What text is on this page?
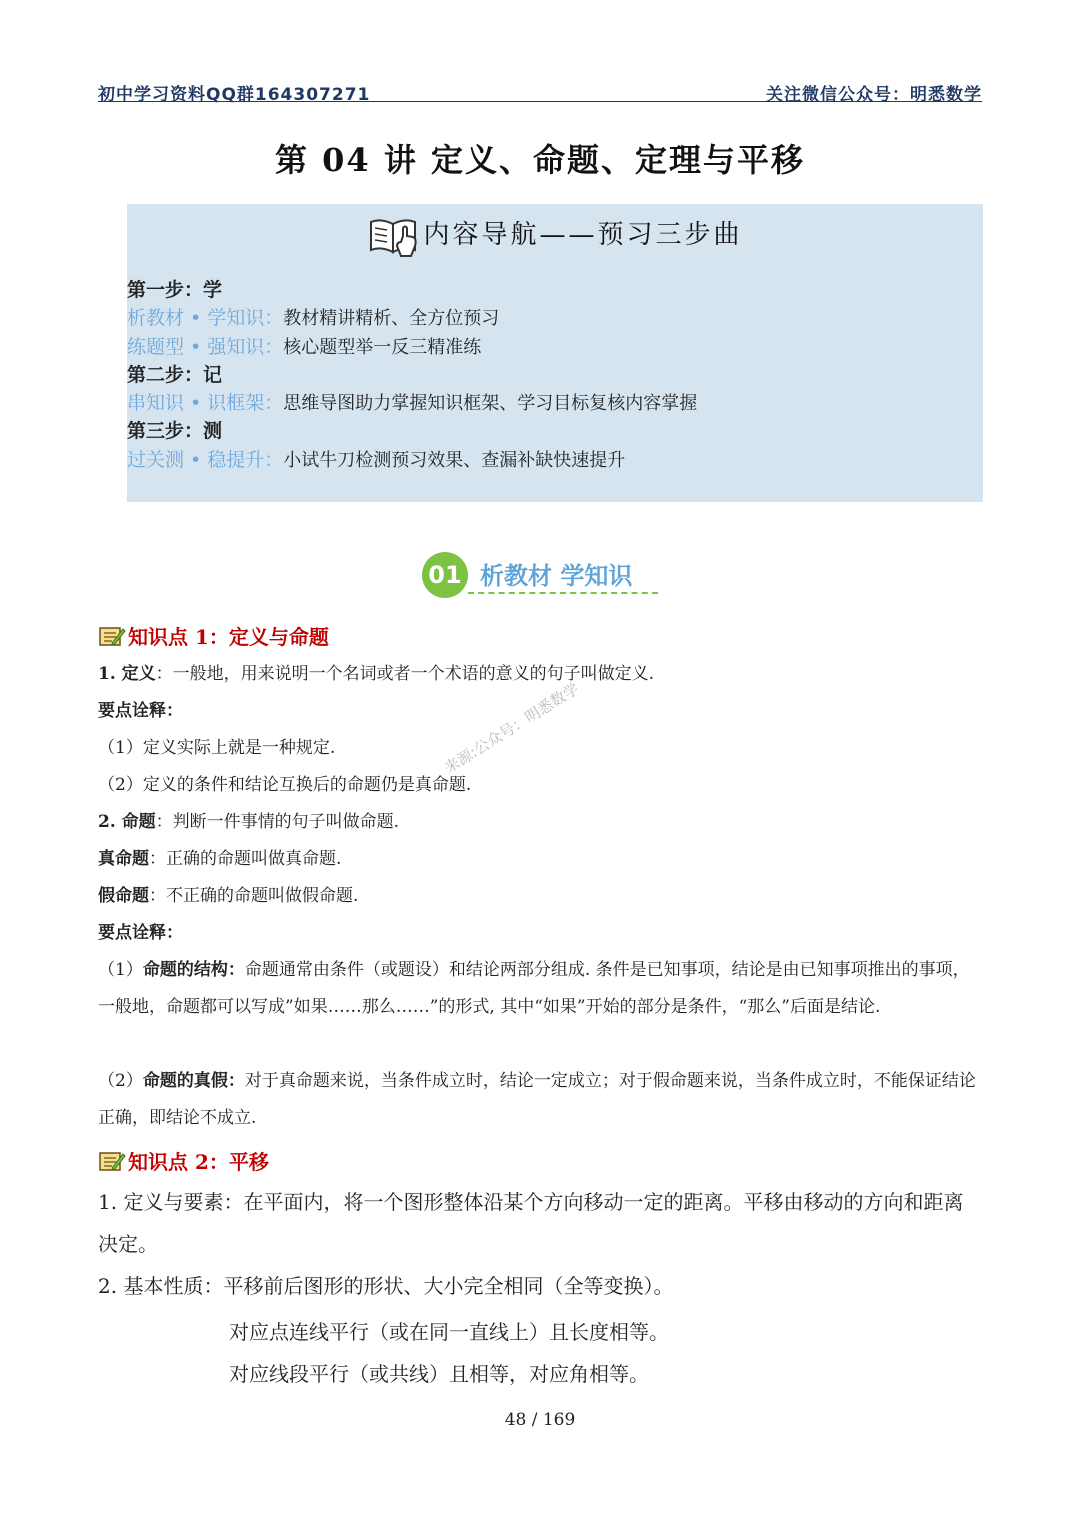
初中学习资料QQ群164307271	关注微信公众号：明悉数学
第 04 讲 定义、命题、定理与平移
内容导航——预习三步曲
第一步：学
析教材 • 学知识：教材精讲精析、全方位预习
练题型 • 强知识：核心题型举一反三精准练
第二步：记
串知识 • 识框架：思维导图助力掌握知识框架、学习目标复核内容掌握
第三步：测
过关测 • 稳提升：小试牛刀检测预习效果、查漏补缺快速提升
01 析教材 学知识
知识点 1：定义与命题
1. 定义：一般地，用来说明一个名词或者一个术语的意义的句子叫做定义.
要点诠释：
（1）定义实际上就是一种规定.
（2）定义的条件和结论互换后的命题仍是真命题.
2. 命题：判断一件事情的句子叫做命题.
真命题：正确的命题叫做真命题.
假命题：不正确的命题叫做假命题.
要点诠释：
（1）命题的结构：命题通常由条件（或题设）和结论两部分组成. 条件是已知事项，结论是由已知事项推出的事项，一般地，命题都可以写成”如果……那么……”的形式, 其中“如果”开始的部分是条件，“那么”后面是结论.
（2）命题的真假：对于真命题来说，当条件成立时，结论一定成立；对于假命题来说，当条件成立时，不能保证结论正确，即结论不成立.
知识点 2：平移
1. 定义与要素：在平面内，将一个图形整体沿某个方向移动一定的距离。平移由移动的方向和距离决定。
2. 基本性质：平移前后图形的形状、大小完全相同（全等变换）。
对应点连线平行（或在同一直线上）且长度相等。
对应线段平行（或共线）且相等，对应角相等。
来源:公众号：明悉数学
48 / 169
